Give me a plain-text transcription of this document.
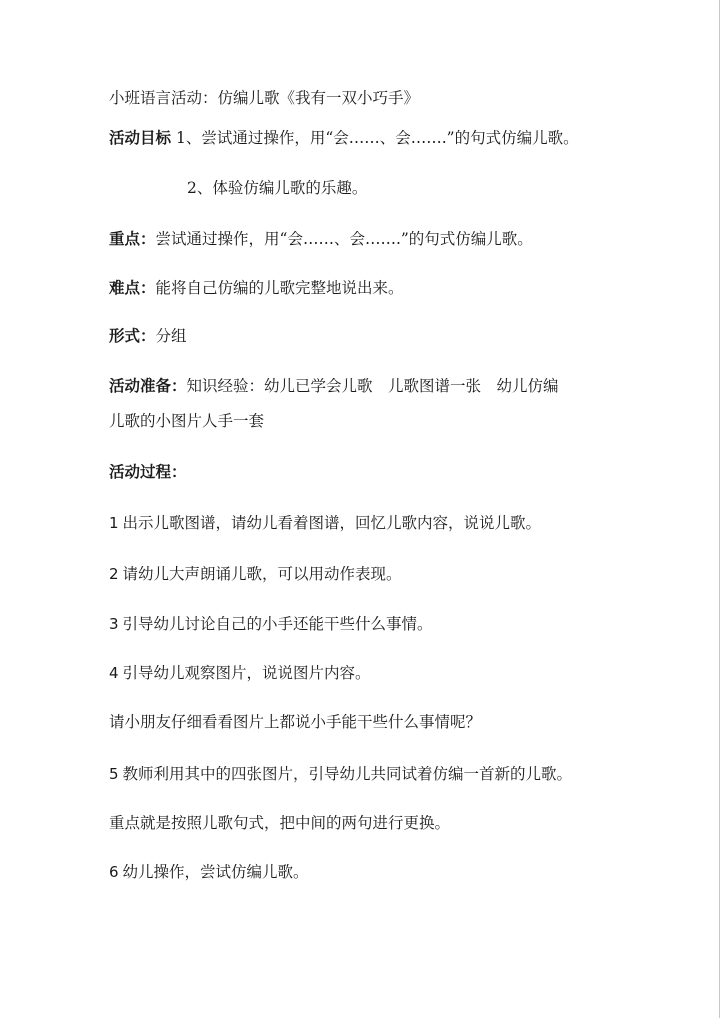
小班语言活动：仿编儿歌《我有一双小巧手》
活动目标 1、尝试通过操作，用“会……、会…….”的句式仿编儿歌。
2、体验仿编儿歌的乐趣。
重点：尝试通过操作，用“会……、会…….”的句式仿编儿歌。
难点：能将自己仿编的儿歌完整地说出来。
形式：分组
活动准备：知识经验：幼儿已学会儿歌　儿歌图谱一张　幼儿仿编
儿歌的小图片人手一套
活动过程：
1 出示儿歌图谱，请幼儿看着图谱，回忆儿歌内容，说说儿歌。
2 请幼儿大声朗诵儿歌，可以用动作表现。
3 引导幼儿讨论自己的小手还能干些什么事情。
4 引导幼儿观察图片，说说图片内容。
请小朋友仔细看看图片上都说小手能干些什么事情呢？
5 教师利用其中的四张图片，引导幼儿共同试着仿编一首新的儿歌。
重点就是按照儿歌句式，把中间的两句进行更换。
6 幼儿操作，尝试仿编儿歌。
